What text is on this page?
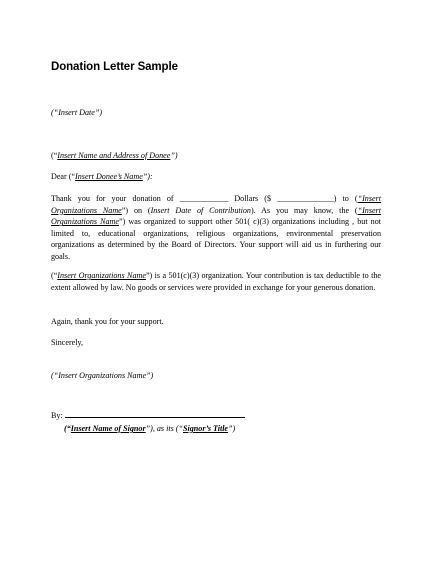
Donation Letter Sample
(“Insert Date”)
(“Insert Name and Address of Donee”)
Dear (“Insert Donee’s Name”):
Thank you for your donation of ____________ Dollars ($ ______________) to (“Insert Organizations Name”) on (Insert Date of Contribution). As you may know, the (“Insert Organizations Name”) was organized to support other 501( c)(3) organizations including , but not limited to, educational organizations, religious organizations, environmental preservation organizations as determined by the Board of Directors. Your support will aid us in furthering our goals.
(“Insert Organizations Name”) is a 501(c)(3) organization. Your contribution is tax deductible to the extent allowed by law. No goods or services were provided in exchange for your generous donation.
Again, thank you for your support.
Sincerely,
(“Insert Organizations Name”)
By:
(“Insert Name of Signor”), as its (“Signor’s Title”)
